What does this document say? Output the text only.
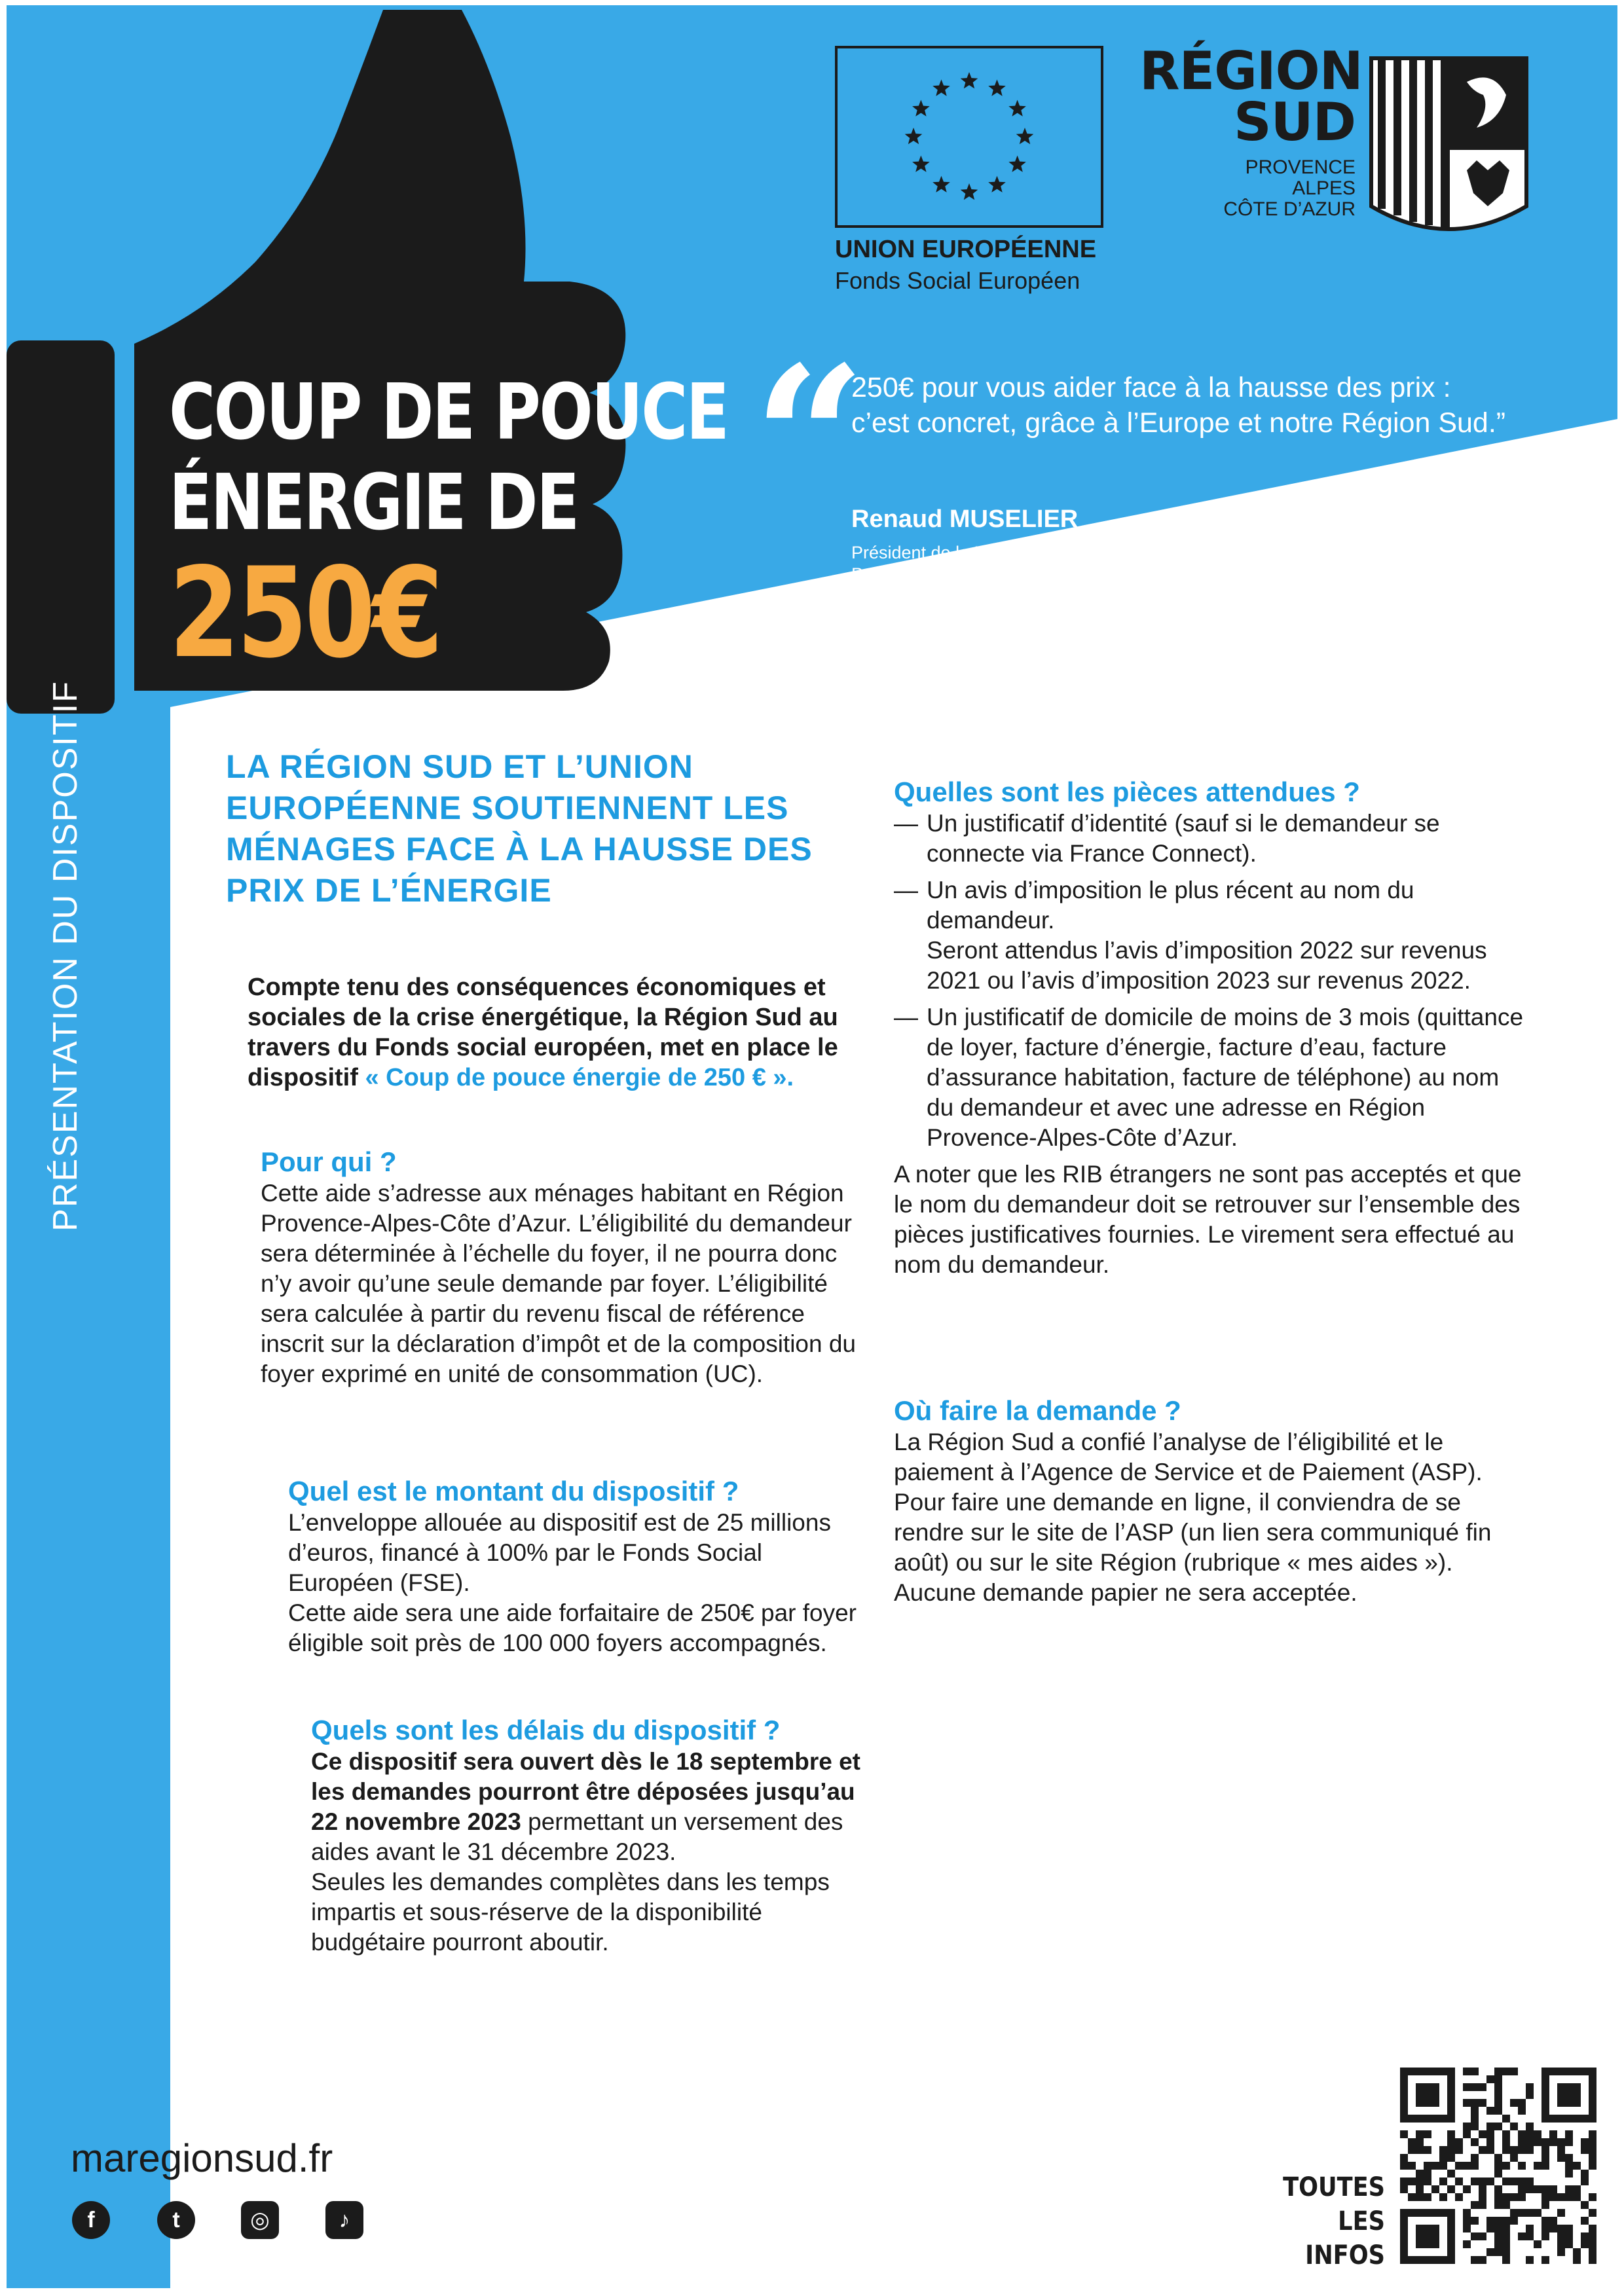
UNION EUROPÉENNE
Fonds Social Européen
RÉGION
SUD
PROVENCE
ALPES
CÔTE D’AZUR
COUP DE POUCE
ÉNERGIE DE
250€
“
250€ pour vous aider face à la hausse des prix : c’est concret, grâce à l’Europe et notre Région Sud.”
Renaud MUSELIER
Président de la Région Provence-Alpes-Côte d’Azur
Président délégué de Régions de France
PRÉSENTATION DU DISPOSITIF	LA RÉGION SUD ET L’UNION
EUROPÉENNE SOUTIENNENT LES
MÉNAGES FACE À LA HAUSSE DES
PRIX DE L’ÉNERGIE
Compte tenu des conséquences économiques et sociales de la crise énergétique, la Région Sud au travers du Fonds social européen, met en place le dispositif « Coup de pouce énergie de 250 € ».
Pour qui ?
Cette aide s’adresse aux ménages habitant en Région Provence-Alpes-Côte d’Azur. L’éligibilité du demandeur sera déterminée à l’échelle du foyer, il ne pourra donc n’y avoir qu’une seule demande par foyer. L’éligibilité sera calculée à partir du revenu fiscal de référence inscrit sur la déclaration d’impôt et de la composition du foyer exprimé en unité de consommation (UC).
Quel est le montant du dispositif ?
L’enveloppe allouée au dispositif est de 25 millions d’euros, financé à 100% par le Fonds Social Européen (FSE).
Cette aide sera une aide forfaitaire de 250€ par foyer éligible soit près de 100 000 foyers accompagnés.
Quels sont les délais du dispositif ?
Ce dispositif sera ouvert dès le 18 septembre et les demandes pourront être déposées jusqu’au 22 novembre 2023 permettant un versement des aides avant le 31 décembre 2023.
Seules les demandes complètes dans les temps impartis et sous-réserve de la disponibilité budgétaire pourront aboutir.
Quelles sont les pièces attendues ?
— Un justificatif d’identité (sauf si le demandeur se connecte via France Connect).
— Un avis d’imposition le plus récent au nom du demandeur.
Seront attendus l’avis d’imposition 2022 sur revenus 2021 ou l’avis d’imposition 2023 sur revenus 2022.
— Un justificatif de domicile de moins de 3 mois (quittance de loyer, facture d’énergie, facture d’eau, facture d’assurance habitation, facture de téléphone) au nom du demandeur et avec une adresse en Région Provence-Alpes-Côte d’Azur.
A noter que les RIB étrangers ne sont pas acceptés et que le nom du demandeur doit se retrouver sur l’ensemble des pièces justificatives fournies. Le virement sera effectué au nom du demandeur.
Où faire la demande ?
La Région Sud a confié l’analyse de l’éligibilité et le paiement à l’Agence de Service et de Paiement (ASP).
Pour faire une demande en ligne, il conviendra de se rendre sur le site de l’ASP (un lien sera communiqué fin août) ou sur le site Région (rubrique « mes aides »).
Aucune demande papier ne sera acceptée.
maregionsud.fr
f	t	◎	♪
TOUTES
LES INFOS
